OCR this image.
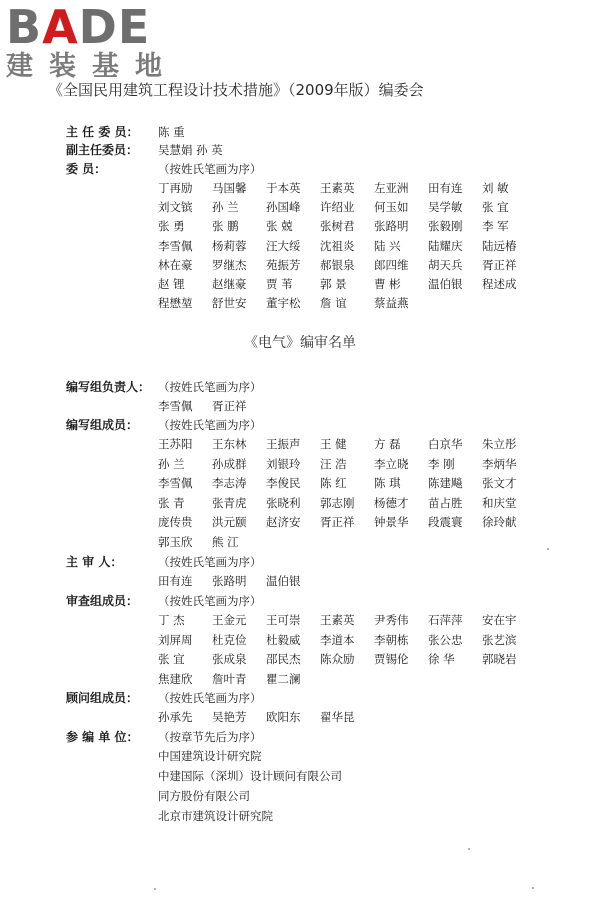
BADE
建装基地
《全国民用建筑工程设计技术措施》（2009年版）编委会
主 任 委 员： 陈 重
副主任委员： 吴慧娟 孙 英
委 员：	（按姓氏笔画为序）
丁再励 马国馨 于本英 王素英 左亚洲 田有连 刘 敏
刘文镔 孙 兰 孙国峰 许绍业 何玉如 吴学敏 张 宜
张 勇 张 鹏 张 兢 张树君 张路明 张毅刚 李 军
李雪佩 杨莉蓉 汪大绥 沈祖炎 陆 兴 陆耀庆 陆远椿
林在豪 罗继杰 苑振芳 郝银泉 郎四维 胡天兵 胥正祥
赵 锂 赵继豪 贾 苇 郭 景 曹 彬 温伯银 程述成
程懋堃 舒世安 董宇松 詹 谊 蔡益燕
《电气》编审名单
编写组负责人： （按姓氏笔画为序）
李雪佩 胥正祥
编写组成员： （按姓氏笔画为序）
王苏阳 王东林 王振声 王 健 方 磊 白京华 朱立彤
孙 兰 孙成群 刘银玲 汪 浩 李立晓 李 刚 李炳华
李雪佩 李志涛 李俊民 陈 红 陈 琪 陈建飚 张文才
张 青 张青虎 张晓利 郭志刚 杨德才 苗占胜 和庆堂
庞传贵 洪元颐 赵济安 胥正祥 钟景华 段震寰 徐玲献
郭玉欣 熊 江
主 审 人：	（按姓氏笔画为序）
田有连 张路明 温伯银
审查组成员： （按姓氏笔画为序）
丁 杰 王金元 王可崇 王素英 尹秀伟 石萍萍 安在宇
刘屏周 杜克俭 杜毅威 李道本 李朝栋 张公忠 张艺滨
张 宜 张成泉 邵民杰 陈众励 贾锡伦 徐 华 郭晓岩
焦建欣 詹叶青 瞿二澜
顾问组成员： （按姓氏笔画为序）
孙承先 吴艳芳 欧阳东 翟华昆
参 编 单 位： （按章节先后为序）
中国建筑设计研究院
中建国际（深圳）设计顾问有限公司
同方股份有限公司
北京市建筑设计研究院
